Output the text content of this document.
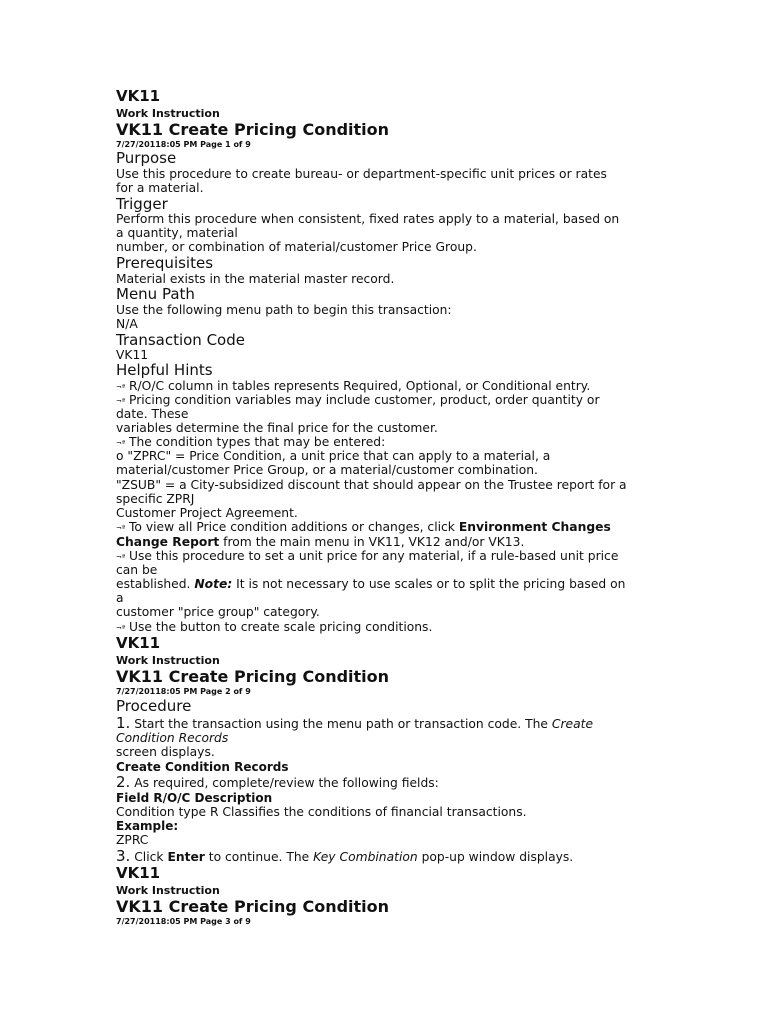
VK11
Work Instruction
VK11 Create Pricing Condition
7/27/20118:05 PM Page 1 of 9
Purpose
Use this procedure to create bureau- or department-specific unit prices or rates
for a material.
Trigger
Perform this procedure when consistent, fixed rates apply to a material, based on
a quantity, material
number, or combination of material/customer Price Group.
Prerequisites
Material exists in the material master record.
Menu Path
Use the following menu path to begin this transaction:
N/A
Transaction Code
VK11
Helpful Hints
¬ª R/O/C column in tables represents Required, Optional, or Conditional entry.
¬ª Pricing condition variables may include customer, product, order quantity or
date. These
variables determine the final price for the customer.
¬ª The condition types that may be entered:
o "ZPRC" = Price Condition, a unit price that can apply to a material, a
material/customer Price Group, or a material/customer combination.
"ZSUB" = a City-subsidized discount that should appear on the Trustee report for a
specific ZPRJ
Customer Project Agreement.
¬ª To view all Price condition additions or changes, click Environment Changes
Change Report from the main menu in VK11, VK12 and/or VK13.
¬ª Use this procedure to set a unit price for any material, if a rule-based unit price
can be
established. Note: It is not necessary to use scales or to split the pricing based on
a
customer "price group" category.
¬ª Use the button to create scale pricing conditions.
VK11
Work Instruction
VK11 Create Pricing Condition
7/27/20118:05 PM Page 2 of 9
Procedure
1. Start the transaction using the menu path or transaction code. The Create
Condition Records
screen displays.
Create Condition Records
2. As required, complete/review the following fields:
Field R/O/C Description
Condition type R Classifies the conditions of financial transactions.
Example:
ZPRC
3. Click Enter to continue. The Key Combination pop-up window displays.
VK11
Work Instruction
VK11 Create Pricing Condition
7/27/20118:05 PM Page 3 of 9
